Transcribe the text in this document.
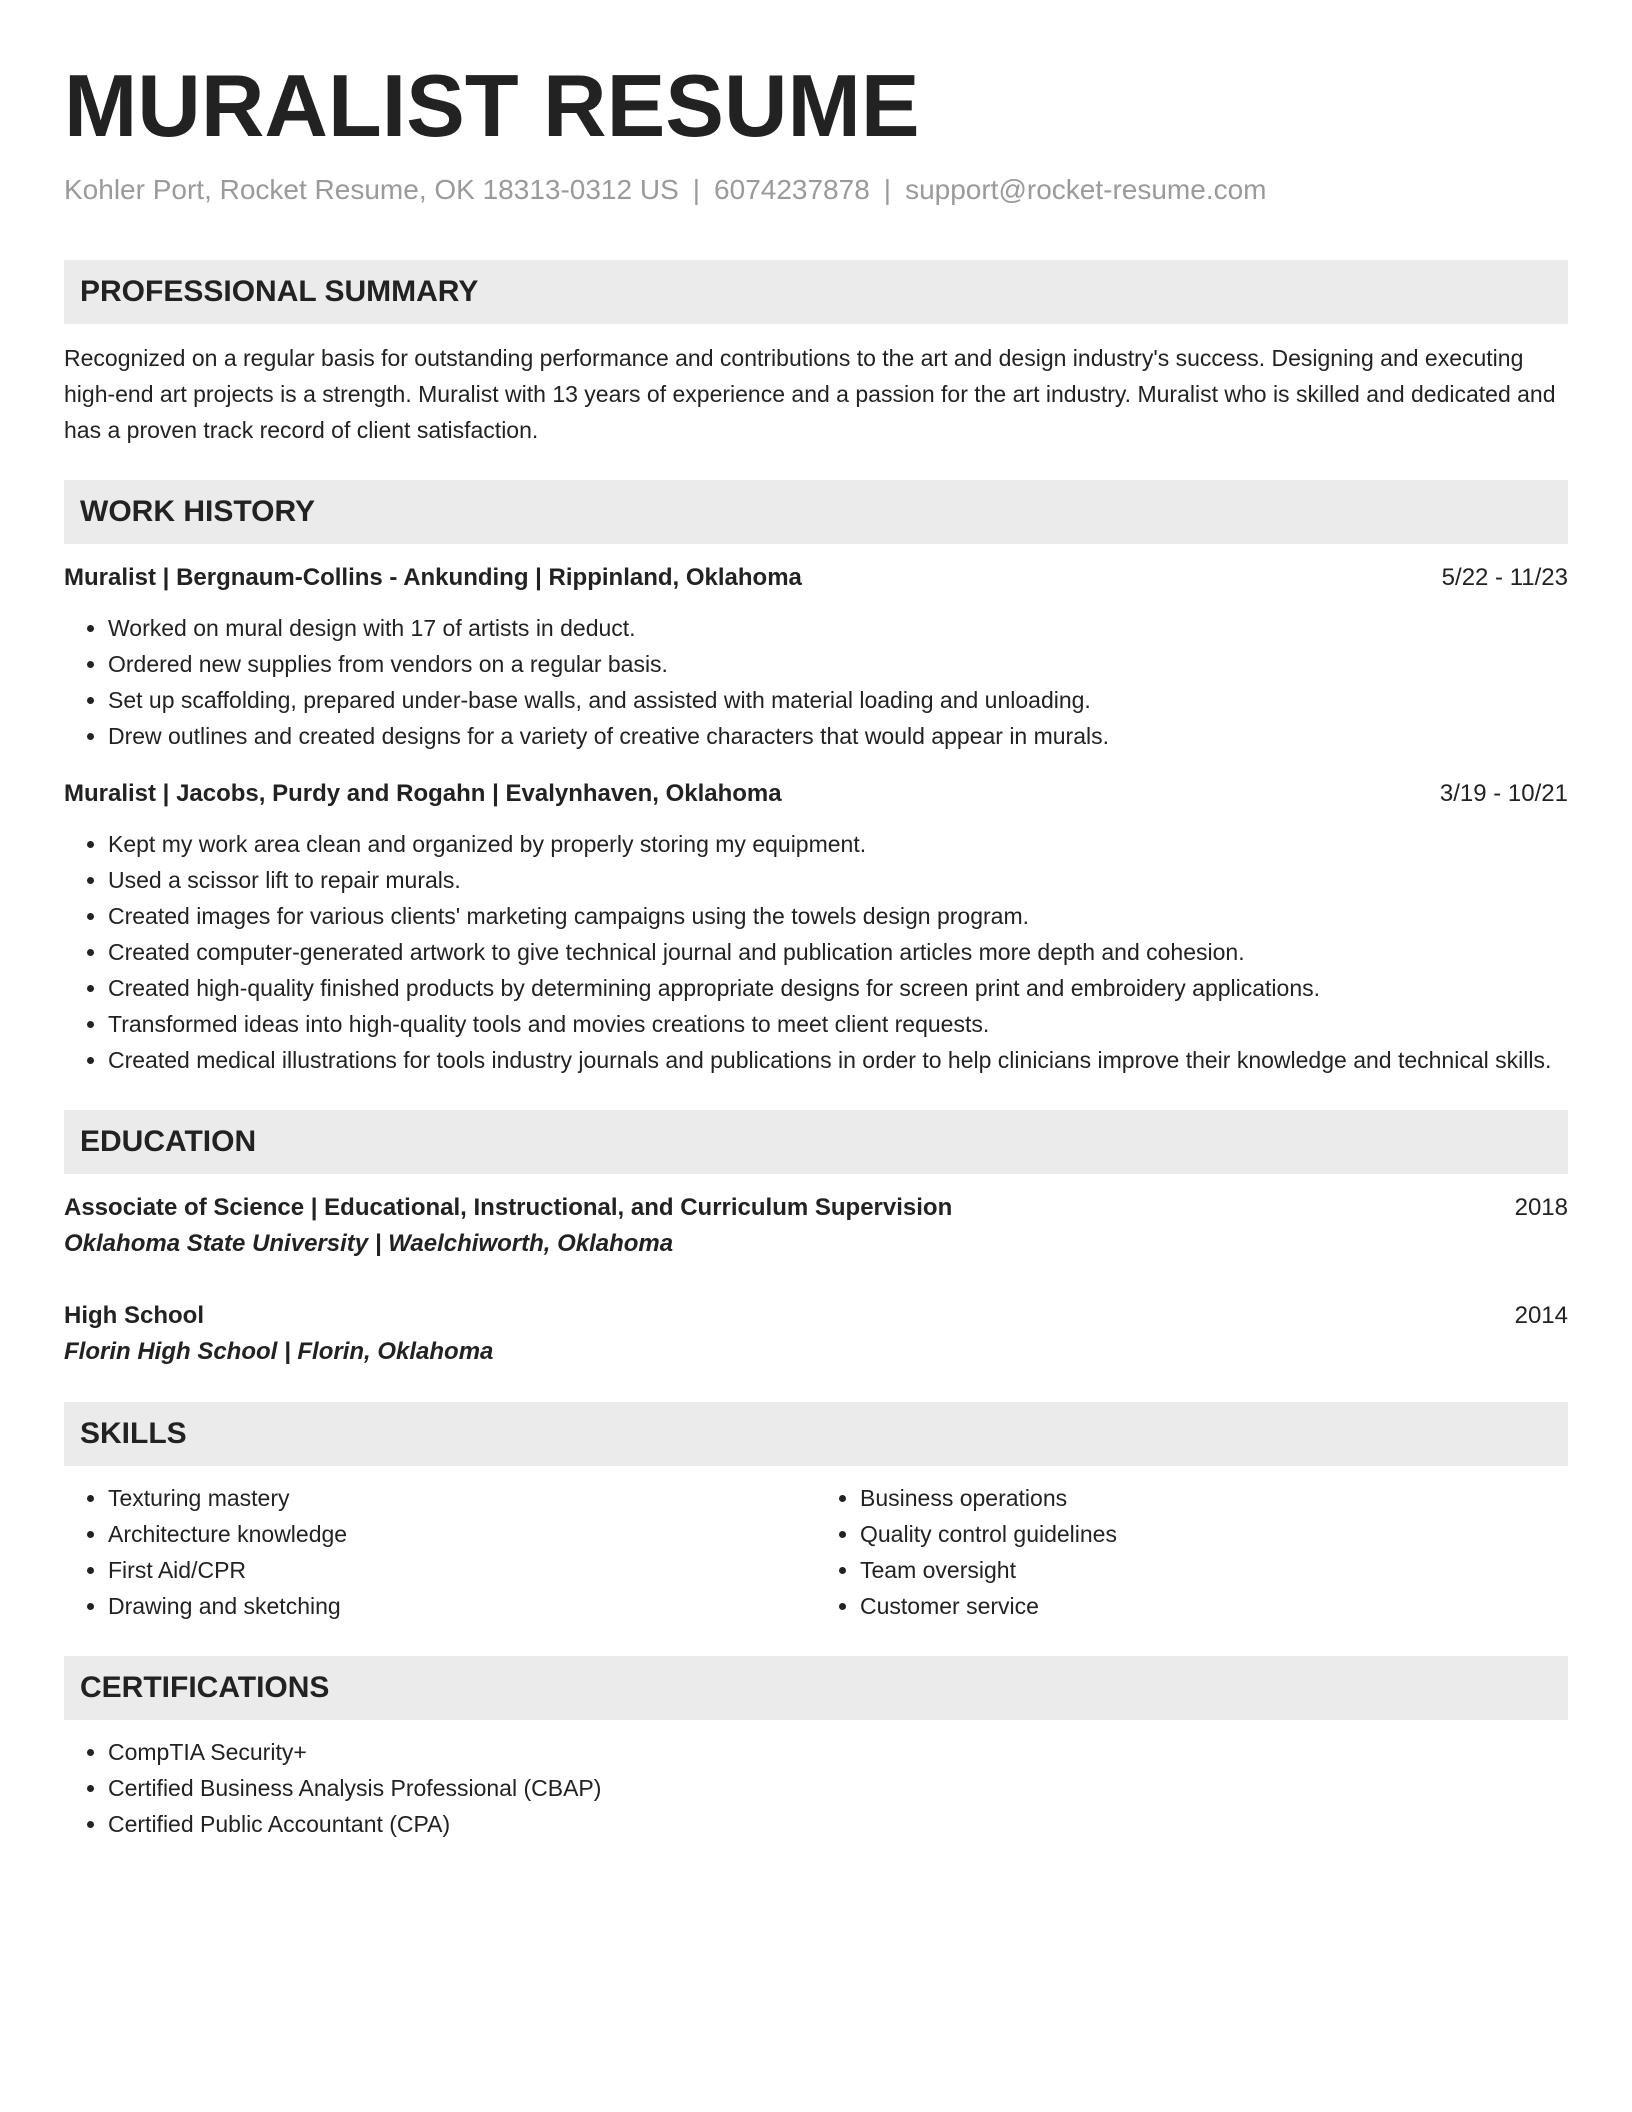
MURALIST RESUME
Kohler Port, Rocket Resume, OK 18313-0312 US | 6074237878 | support@rocket-resume.com
PROFESSIONAL SUMMARY
Recognized on a regular basis for outstanding performance and contributions to the art and design industry's success. Designing and executing high-end art projects is a strength. Muralist with 13 years of experience and a passion for the art industry. Muralist who is skilled and dedicated and has a proven track record of client satisfaction.
WORK HISTORY
Muralist | Bergnaum-Collins - Ankunding | Rippinland, Oklahoma	5/22 - 11/23
• Worked on mural design with 17 of artists in deduct.
• Ordered new supplies from vendors on a regular basis.
• Set up scaffolding, prepared under-base walls, and assisted with material loading and unloading.
• Drew outlines and created designs for a variety of creative characters that would appear in murals.
Muralist | Jacobs, Purdy and Rogahn | Evalynhaven, Oklahoma	3/19 - 10/21
• Kept my work area clean and organized by properly storing my equipment.
• Used a scissor lift to repair murals.
• Created images for various clients' marketing campaigns using the towels design program.
• Created computer-generated artwork to give technical journal and publication articles more depth and cohesion.
• Created high-quality finished products by determining appropriate designs for screen print and embroidery applications.
• Transformed ideas into high-quality tools and movies creations to meet client requests.
• Created medical illustrations for tools industry journals and publications in order to help clinicians improve their knowledge and technical skills.
EDUCATION
Associate of Science | Educational, Instructional, and Curriculum Supervision	2018
Oklahoma State University | Waelchiworth, Oklahoma
High School	2014
Florin High School | Florin, Oklahoma
SKILLS
• Texturing mastery
• Architecture knowledge
• First Aid/CPR
• Drawing and sketching
• Business operations
• Quality control guidelines
• Team oversight
• Customer service
CERTIFICATIONS
• CompTIA Security+
• Certified Business Analysis Professional (CBAP)
• Certified Public Accountant (CPA)
